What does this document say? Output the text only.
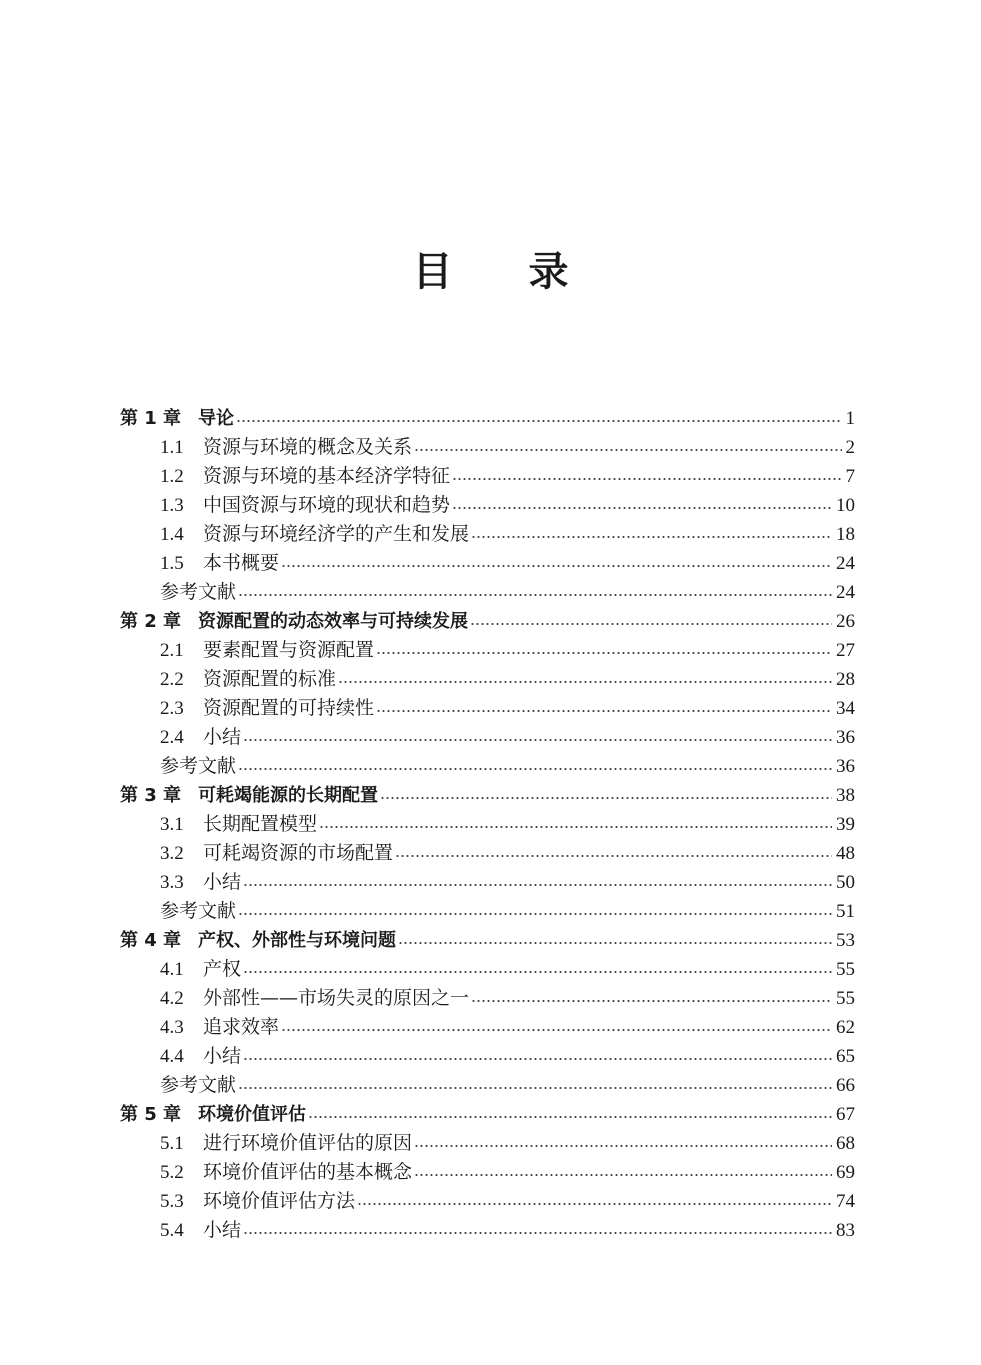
目　录
第 1 章 导论	1
1.1	资源与环境的概念及关系	2
1.2	资源与环境的基本经济学特征	7
1.3	中国资源与环境的现状和趋势	10
1.4	资源与环境经济学的产生和发展	18
1.5	本书概要	24
参考文献	24
第 2 章 资源配置的动态效率与可持续发展	26
2.1	要素配置与资源配置	27
2.2	资源配置的标准	28
2.3	资源配置的可持续性	34
2.4	小结	36
参考文献	36
第 3 章 可耗竭能源的长期配置	38
3.1	长期配置模型	39
3.2	可耗竭资源的市场配置	48
3.3	小结	50
参考文献	51
第 4 章 产权、外部性与环境问题	53
4.1	产权	55
4.2	外部性——市场失灵的原因之一	55
4.3	追求效率	62
4.4	小结	65
参考文献	66
第 5 章 环境价值评估	67
5.1	进行环境价值评估的原因	68
5.2	环境价值评估的基本概念	69
5.3	环境价值评估方法	74
5.4	小结	83
